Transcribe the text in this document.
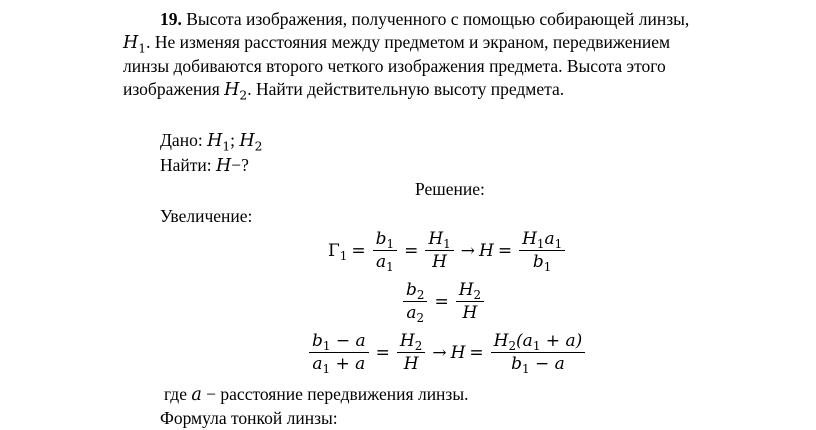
19. Высота изображения, полученного с помощью собирающей линзы,
$H_1$. Не изменяя расстояния между предметом и экраном, передвижением
линзы добиваются второго четкого изображения предмета. Высота этого
изображения $H_2$. Найти действительную высоту предмета.
Дано: $H_1$; $H_2$
Найти: H−?
Решение:
Увеличение:
$\Gamma_1 = \frac{b_1}{a_1} = \frac{H_1}{H} \to H = \frac{H_1a_1}{b_1}$
$\frac{b_2}{a_2} = \frac{H_2}{H}$
$\frac{b_1 - a}{a_1 + a} = \frac{H_2}{H} \to H = \frac{H_2(a_1 + a)}{b_1 - a}$
где a − расстояние передвижения линзы.
Формула тонкой линзы:
